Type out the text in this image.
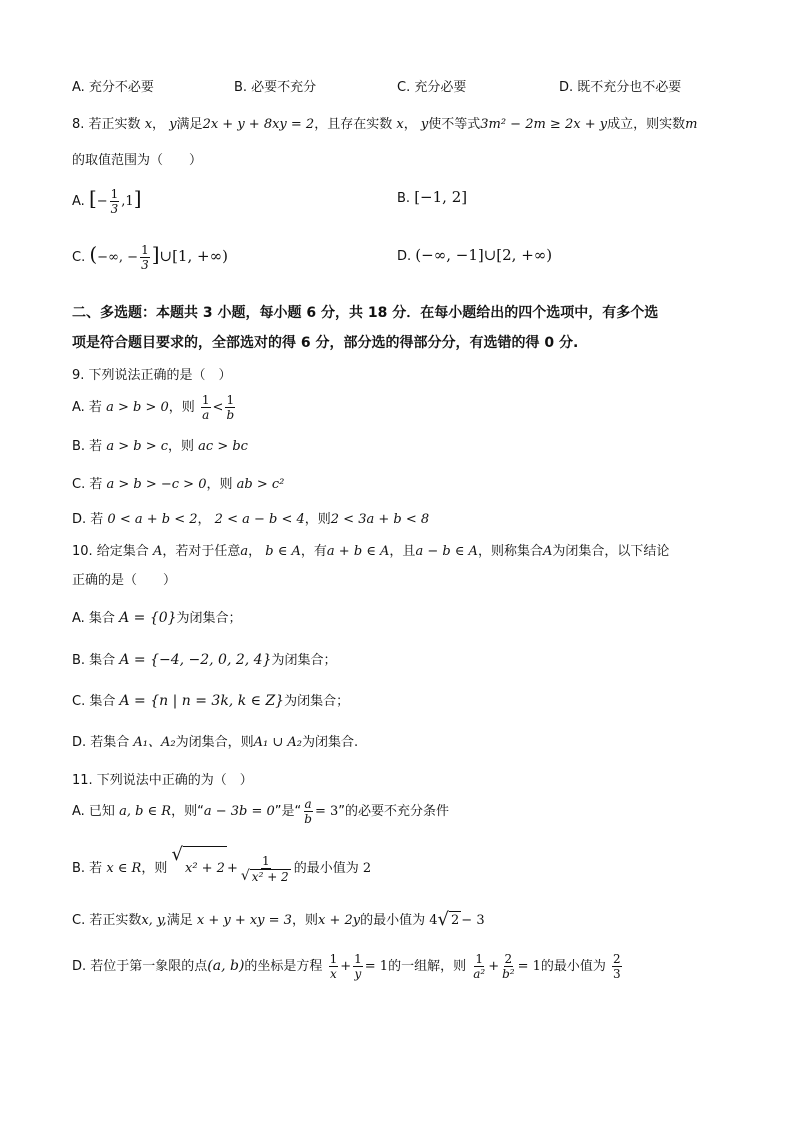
A. 充分不必要	B. 必要不充分	C. 充分必要	D. 既不充分也不必要
8. 若正实数 x， y满足2x + y + 8xy = 2，且存在实数 x， y使不等式3m² − 2m ≥ 2x + y成立，则实数m
的取值范围为（　　）
A. [− $\frac{1}{3} ,1$]	B. [−1, 2]
C. (−∞, − $\frac{1}{3}$ ]∪[1, +∞)	D. (−∞, −1]∪[2, +∞)
二、多选题：本题共 3 小题，每小题 6 分，共 18 分．在每小题给出的四个选项中，有多个选
项是符合题目要求的，全部选对的得 6 分，部分选的得部分分，有选错的得 0 分.
9. 下列说法正确的是（　）
A. 若 a > b > 0，则 $\frac{1}{a} < \frac{1}{b}$
B. 若 a > b > c，则 ac > bc
C. 若 a > b > −c > 0，则 ab > c²
D. 若 0 < a + b < 2， 2 < a − b < 4，则2 < 3a + b < 8
10. 给定集合 A，若对于任意a， b ∈ A，有a + b ∈ A，且a − b ∈ A，则称集合A为闭集合，以下结论
正确的是（　　）
A. 集合 A = {0}为闭集合；
B. 集合 A = {−4, −2, 0, 2, 4}为闭集合；
C. 集合 A = {n | n = 3k, k ∈ Z}为闭集合；
D. 若集合 A₁、A₂为闭集合，则A₁ ∪ A₂为闭集合.
11. 下列说法中正确的为（　）
A. 已知 a, b ∈ R，则“a − 3b = 0”是“ $\frac{a}{b} = 3$”的必要不充分条件
B. 若 x ∈ R，则
√
$x^2 + 2 + \frac{1}{\text{√ x² + 2}}$ 的最小值为 2
C. 若正实数x, y,满足 x + y + xy = 3，则x + 2y的最小值为 4 √ 2 − 3
D. 若位于第一象限的点(a, b)的坐标是方程 $\frac{1}{x} + \frac{1}{y} = 1$的一组解，则 $\frac{1}{\text{a²}} + \frac{2}{\text{b²}} = 1$的最小值为 $\frac{2}{3}$
